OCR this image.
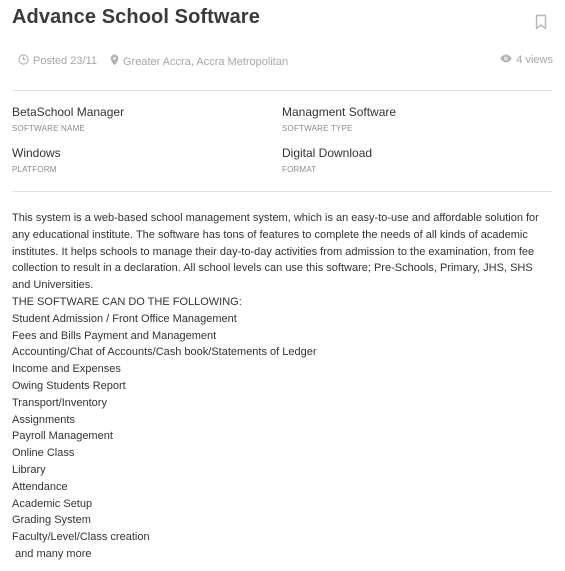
Advance School Software
Posted 23/11 Greater Accra, Accra Metropolitan	4 views
BetaSchool Manager
SOFTWARE NAME
Managment Software
SOFTWARE TYPE
Windows
PLATFORM
Digital Download
FORMAT

This system is a web-based school management system, which is an easy-to-use and affordable solution for any educational institute. The software has tons of features to complete the needs of all kinds of academic institutes. It helps schools to manage their day-to-day activities from admission to the examination, from fee collection to result in a declaration. All school levels can use this software; Pre-Schools, Primary, JHS, SHS and Universities.

THE SOFTWARE CAN DO THE FOLLOWING:

Student Admission / Front Office Management
Fees and Bills Payment and Management
Accounting/Chat of Accounts/Cash book/Statements of Ledger
Income and Expenses
Owing Students Report
Transport/Inventory
Assignments
Payroll Management
Online Class
Library
Attendance
Academic Setup
Grading System
Faculty/Level/Class creation
and many more
